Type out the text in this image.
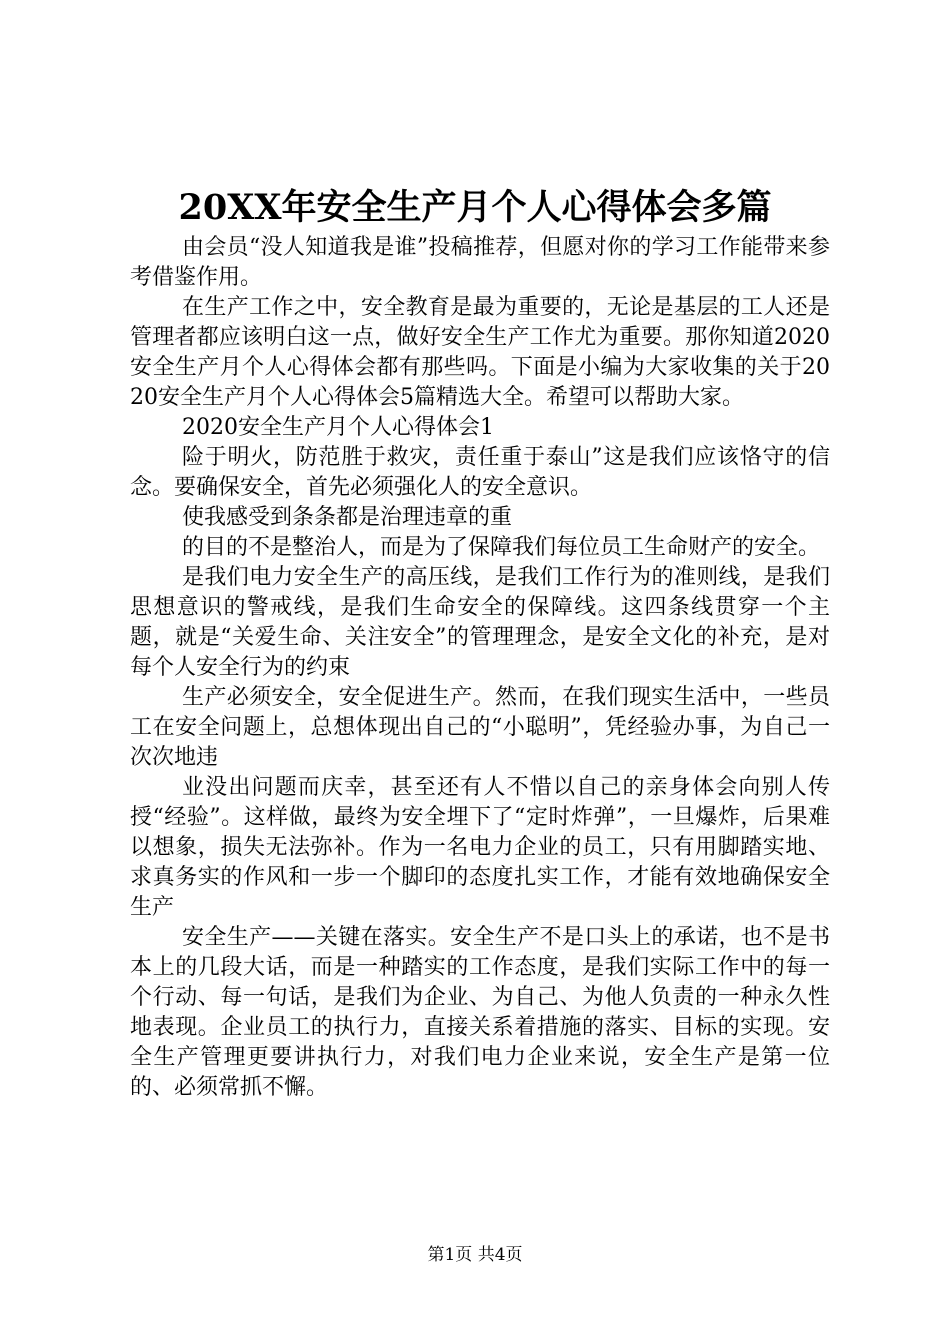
20XX年安全生产月个人心得体会多篇

由会员“没人知道我是谁”投稿推荐，但愿对你的学习工作能带来参考借鉴作用。

在生产工作之中，安全教育是最为重要的，无论是基层的工人还是管理者都应该明白这一点，做好安全生产工作尤为重要。那你知道2020安全生产月个人心得体会都有那些吗。下面是小编为大家收集的关于2020安全生产月个人心得体会5篇精选大全。希望可以帮助大家。

2020安全生产月个人心得体会1

险于明火，防范胜于救灾，责任重于泰山”这是我们应该恪守的信念。要确保安全，首先必须强化人的安全意识。

使我感受到条条都是治理违章的重

的目的不是整治人，而是为了保障我们每位员工生命财产的安全。

是我们电力安全生产的高压线，是我们工作行为的准则线，是我们思想意识的警戒线，是我们生命安全的保障线。这四条线贯穿一个主题，就是“关爱生命、关注安全”的管理理念，是安全文化的补充，是对每个人安全行为的约束

生产必须安全，安全促进生产。然而，在我们现实生活中，一些员工在安全问题上，总想体现出自己的“小聪明”，凭经验办事，为自己一次次地违

业没出问题而庆幸，甚至还有人不惜以自己的亲身体会向别人传授“经验”。这样做，最终为安全埋下了“定时炸弹”，一旦爆炸，后果难以想象，损失无法弥补。作为一名电力企业的员工，只有用脚踏实地、求真务实的作风和一步一个脚印的态度扎实工作，才能有效地确保安全生产

安全生产——关键在落实。安全生产不是口头上的承诺，也不是书本上的几段大话，而是一种踏实的工作态度，是我们实际工作中的每一个行动、每一句话，是我们为企业、为自己、为他人负责的一种永久性地表现。企业员工的执行力，直接关系着措施的落实、目标的实现。安全生产管理更要讲执行力，对我们电力企业来说，安全生产是第一位的、必须常抓不懈。

第1页 共4页
